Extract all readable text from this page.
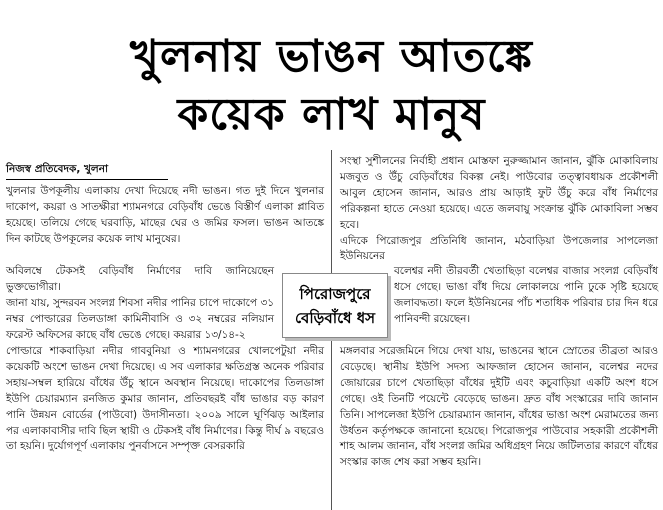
খুলনায় ভাঙন আতঙ্কে
কয়েক লাখ মানুষ
নিজস্ব প্রতিবেদক, খুলনা

খুলনার উপকূলীয় এলাকায় দেখা দিয়েছে নদী ভাঙন। গত দুই দিনে খুলনার দাকোপ, কয়রা ও সাতক্ষীরা শ্যামনগরে বেড়িবাঁধ ভেঙে বিস্তীর্ণ এলাকা প্লাবিত হয়েছে। তলিয়ে গেছে ঘরবাড়ি, মাছের ঘের ও জমির ফসল। ভাঙন আতঙ্কে দিন কাটছে উপকূলের কয়েক লাখ মানুষের।

অবিলম্বে টেকসই বেড়িবাঁধ নির্মাণের দাবি জানিয়েছেন ভুক্তভোগীরা।

জানা যায়, সুন্দরবন সংলগ্ন শিবসা নদীর পানির চাপে দাকোপে ৩১ নম্বর পোল্ডারের তিলডাঙ্গা কামিনীবাসি ও ৩২ নম্বরের নলিয়ান ফরেস্ট অফিসের কাছে বাঁধ ভেঙে গেছে। কয়রার ১৩/১৪-২

পোল্ডারে শাকবাড়িয়া নদীর গাববুনিয়া ও শ্যামনগরের খোলপেটুয়া নদীর কয়েকটি অংশে ভাঙন দেখা দিয়েছে। এ সব এলাকার ক্ষতিগ্রস্ত অনেক পরিবার সহায়-সম্বল হারিয়ে বাঁধের উঁচু স্থানে অবস্থান নিয়েছে। দাকোপের তিলডাঙ্গা ইউপি চেয়ারম্যান রনজিত কুমার জানান, প্রতিবছরই বাঁধ ভাঙার বড় কারণ পানি উন্নয়ন বোর্ডের (পাউবো) উদাসীনতা। ২০০৯ সালে ঘূর্ণিঝড় আইলার পর এলাকাবাসীর দাবি ছিল স্থায়ী ও টেকসই বাঁধ নির্মাণের। কিন্তু দীর্ঘ ৯ বছরেও তা হয়নি। দুর্যোগপূর্ণ এলাকায় পুনর্বাসনে সম্পৃক্ত বেসরকারি

সংস্থা সুশীলনের নির্বাহী প্রধান মোস্তফা নুরুজ্জামান জানান, ঝুঁকি মোকাবিলায় মজবুত ও উঁচু বেড়িবাঁধের বিকল্প নেই। পাউবোর তত্ত্বাবধায়ক প্রকৌশলী আবুল হোসেন জানান, আরও প্রায় আড়াই ফুট উঁচু করে বাঁধ নির্মাণের পরিকল্পনা হাতে নেওয়া হয়েছে। এতে জলবায়ু সংক্রান্ত ঝুঁকি মোকাবিলা সম্ভব হবে।

এদিকে পিরোজপুর প্রতিনিধি জানান, মঠবাড়িয়া উপজেলার সাপলেজা ইউনিয়নের

বলেশ্বর নদী তীরবর্তী খেতাছিড়া বলেশ্বর বাজার সংলগ্ন বেড়িবাঁধ ধসে গেছে। ভাঙা বাঁধ দিয়ে লোকালয়ে পানি ঢুকে সৃষ্টি হয়েছে জলাবদ্ধতা। ফলে ইউনিয়নের পাঁচ শতাধিক পরিবার চার দিন ধরে পানিবন্দী রয়েছেন।

মঙ্গলবার সরেজমিনে গিয়ে দেখা যায়, ভাঙনের স্থানে স্রোতের তীব্রতা আরও বেড়েছে। স্থানীয় ইউপি সদস্য আফজাল হোসেন জানান, বলেশ্বর নদের জোয়ারের চাপে খেতাছিড়া বাঁধের দুইটি এবং কচুবাড়িয়া একটি অংশ ধসে গেছে। ওই তিনটি পয়েন্টে বেড়েছে ভাঙন। দ্রুত বাঁধ সংস্কারের দাবি জানান তিনি। সাপলেজা ইউপি চেয়ারম্যান জানান, বাঁধের ভাঙা অংশ মেরামতের জন্য উর্ধতন কর্তৃপক্ষকে জানানো হয়েছে। পিরোজপুর পাউবোর সহকারী প্রকৌশলী শাহ আলম জানান, বাঁধ সংলগ্ন জমির অধিগ্রহণ নিয়ে জটিলতার কারণে বাঁধের সংস্কার কাজ শেষ করা সম্ভব হয়নি।

পিরোজপুরে
বেড়িবাঁধে ধস
